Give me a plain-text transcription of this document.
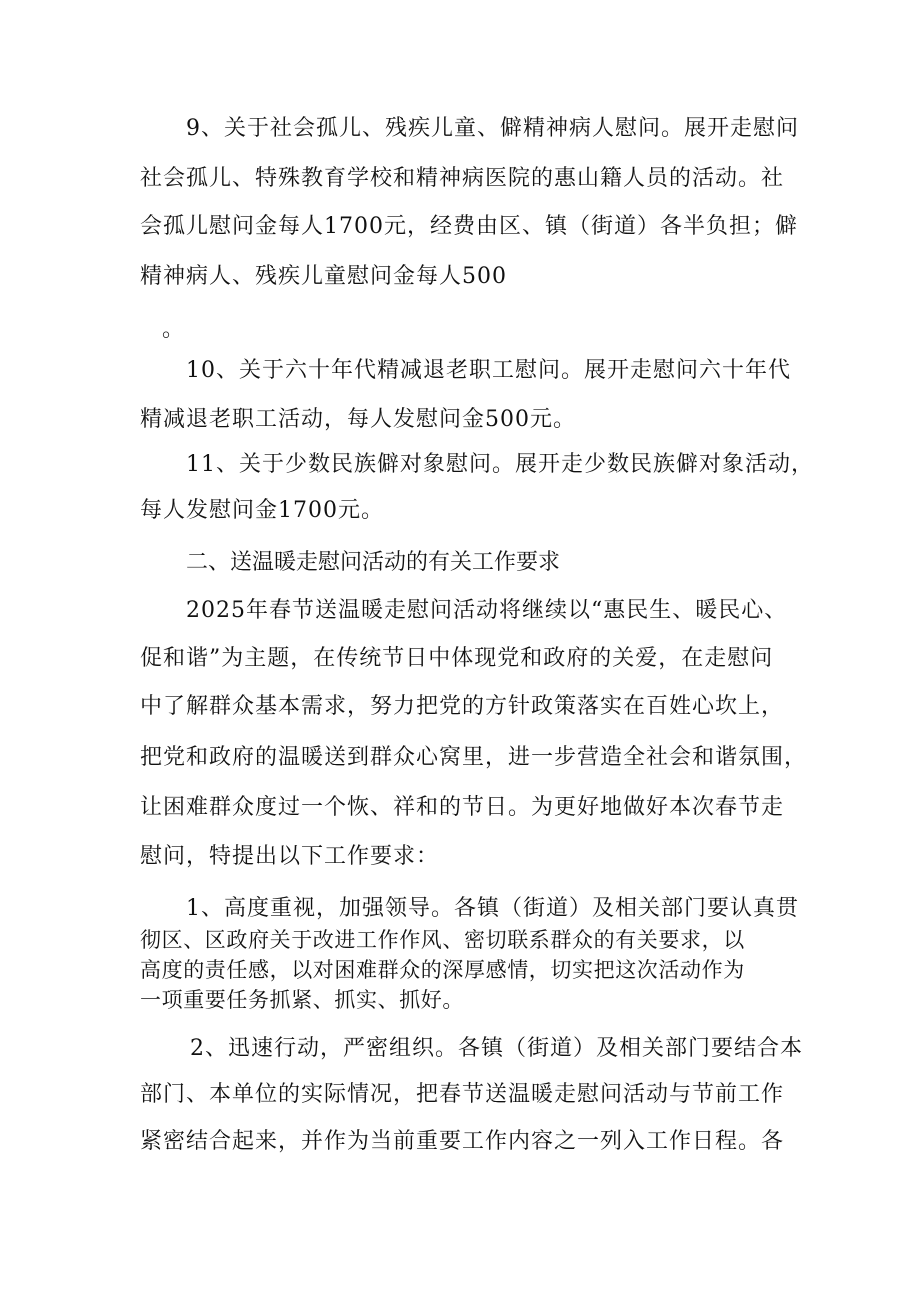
9、关于社会孤儿、残疾儿童、僻精神病人慰问。展开走慰问
社会孤儿、特殊教育学校和精神病医院的惠山籍人员的活动。社
会孤儿慰问金每人1700元，经费由区、镇（街道）各半负担；僻
精神病人、残疾儿童慰问金每人500
。
10、关于六十年代精减退老职工慰问。展开走慰问六十年代
精减退老职工活动，每人发慰问金500元。
11、关于少数民族僻对象慰问。展开走少数民族僻对象活动，
每人发慰问金1700元。
二、送温暖走慰问活动的有关工作要求
2025年春节送温暖走慰问活动将继续以“惠民生、暖民心、
促和谐”为主题，在传统节日中体现党和政府的关爱，在走慰问
中了解群众基本需求，努力把党的方针政策落实在百姓心坎上，
把党和政府的温暖送到群众心窝里，进一步营造全社会和谐氛围，
让困难群众度过一个恢、祥和的节日。为更好地做好本次春节走
慰问，特提出以下工作要求：
1、高度重视，加强领导。各镇（街道）及相关部门要认真贯
彻区、区政府关于改进工作作风、密切联系群众的有关要求，以
高度的责任感，以对困难群众的深厚感情，切实把这次活动作为
一项重要任务抓紧、抓实、抓好。
2、迅速行动，严密组织。各镇（街道）及相关部门要结合本
部门、本单位的实际情况，把春节送温暖走慰问活动与节前工作
紧密结合起来，并作为当前重要工作内容之一列入工作日程。各
